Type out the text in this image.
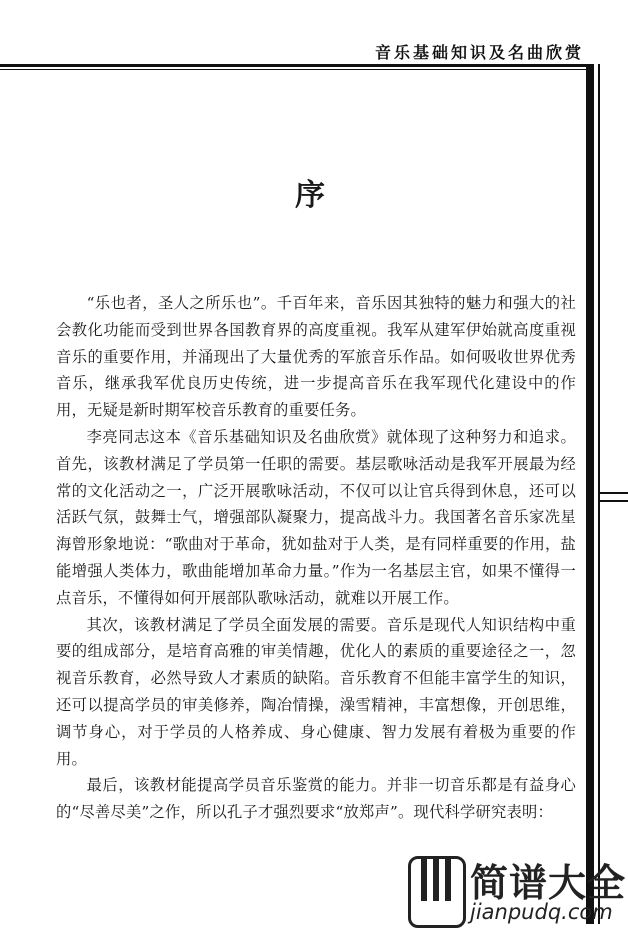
音乐基础知识及名曲欣赏
序

“乐也者，圣人之所乐也”。千百年来，音乐因其独特的魅力和强大的社会教化功能而受到世界各国教育界的高度重视。我军从建军伊始就高度重视音乐的重要作用，并涌现出了大量优秀的军旅音乐作品。如何吸收世界优秀音乐，继承我军优良历史传统，进一步提高音乐在我军现代化建设中的作用，无疑是新时期军校音乐教育的重要任务。

李亮同志这本《音乐基础知识及名曲欣赏》就体现了这种努力和追求。首先，该教材满足了学员第一任职的需要。基层歌咏活动是我军开展最为经常的文化活动之一，广泛开展歌咏活动，不仅可以让官兵得到休息，还可以活跃气氛，鼓舞士气，增强部队凝聚力，提高战斗力。我国著名音乐家冼星海曾形象地说：“歌曲对于革命，犹如盐对于人类，是有同样重要的作用，盐能增强人类体力，歌曲能增加革命力量。”作为一名基层主官，如果不懂得一点音乐，不懂得如何开展部队歌咏活动，就难以开展工作。

其次，该教材满足了学员全面发展的需要。音乐是现代人知识结构中重要的组成部分，是培育高雅的审美情趣，优化人的素质的重要途径之一，忽视音乐教育，必然导致人才素质的缺陷。音乐教育不但能丰富学生的知识，还可以提高学员的审美修养，陶冶情操，澡雪精神，丰富想像，开创思维，调节身心，对于学员的人格养成、身心健康、智力发展有着极为重要的作用。

最后，该教材能提高学员音乐鉴赏的能力。并非一切音乐都是有益身心的“尽善尽美”之作，所以孔子才强烈要求“放郑声”。现代科学研究表明：

简谱大全
jianpudq.com
